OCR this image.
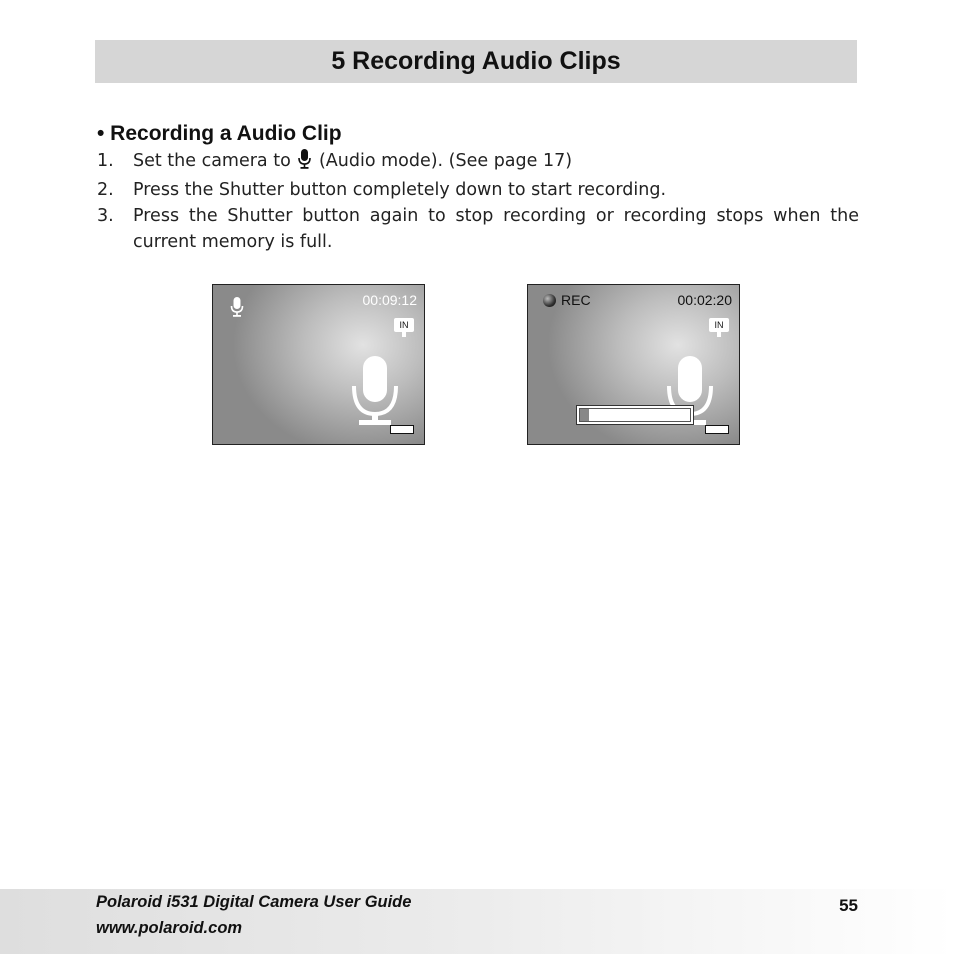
5 Recording Audio Clips
• Recording a Audio Clip
1.	Set the camera to (Audio mode). (See page 17)
2.	Press the Shutter button completely down to start recording.
3.	Press the Shutter button again to stop recording or recording stops when the current memory is full.
00:09:12
IN
REC	00:02:20
IN
Polaroid i531 Digital Camera User Guide
www.polaroid.com
55
